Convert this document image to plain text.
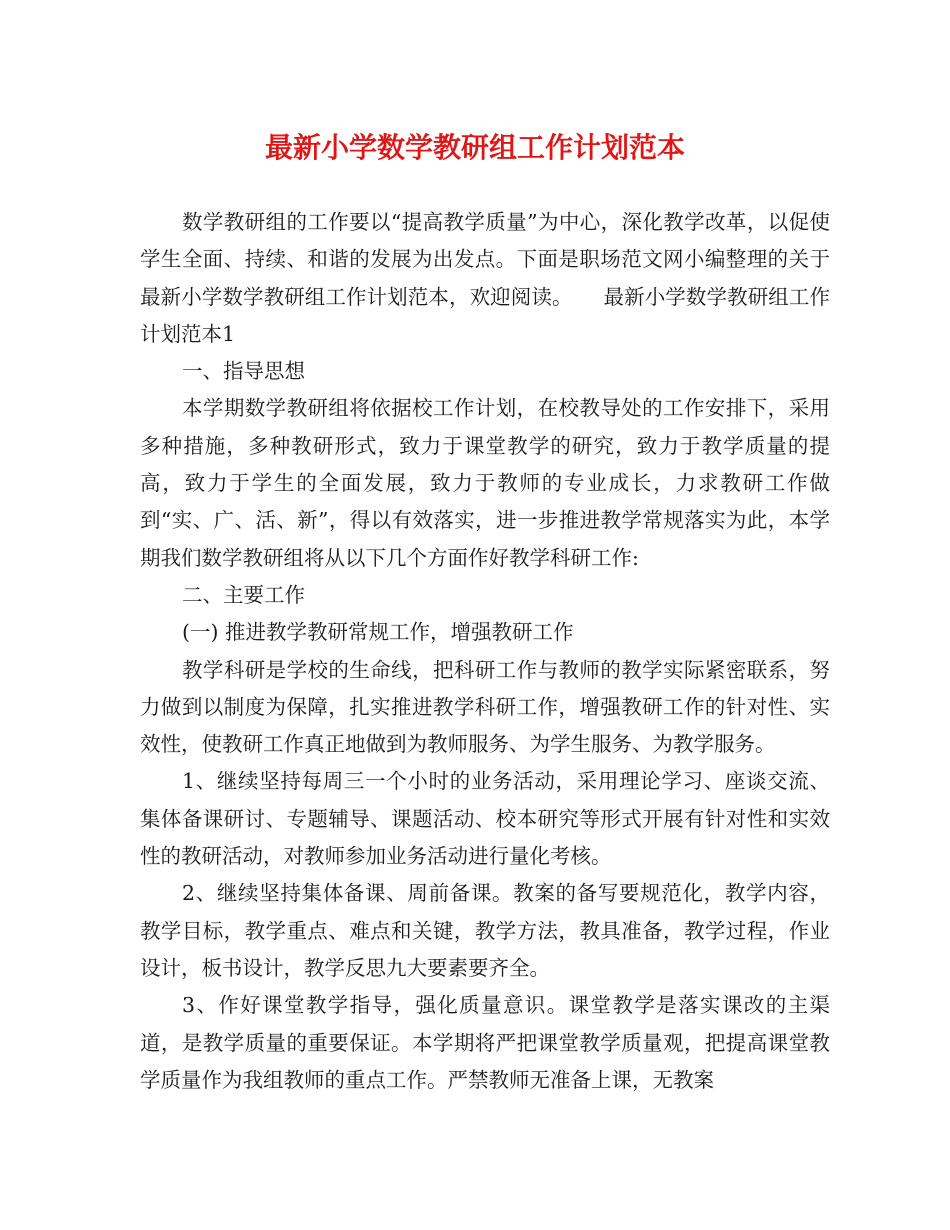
最新小学数学教研组工作计划范本

数学教研组的工作要以“提高教学质量”为中心，深化教学改革，以促使学生全面、持续、和谐的发展为出发点。下面是职场范文网小编整理的关于最新小学数学教研组工作计划范本，欢迎阅读。　　最新小学数学教研组工作计划范本1

一、指导思想

本学期数学教研组将依据校工作计划，在校教导处的工作安排下，采用多种措施，多种教研形式，致力于课堂教学的研究，致力于教学质量的提高，致力于学生的全面发展，致力于教师的专业成长，力求教研工作做到“实、广、活、新”，得以有效落实，进一步推进教学常规落实为此，本学期我们数学教研组将从以下几个方面作好教学科研工作:

二、主要工作

(一) 推进教学教研常规工作，增强教研工作

教学科研是学校的生命线，把科研工作与教师的教学实际紧密联系，努力做到以制度为保障，扎实推进教学科研工作，增强教研工作的针对性、实效性，使教研工作真正地做到为教师服务、为学生服务、为教学服务。

1、继续坚持每周三一个小时的业务活动，采用理论学习、座谈交流、集体备课研讨、专题辅导、课题活动、校本研究等形式开展有针对性和实效性的教研活动，对教师参加业务活动进行量化考核。

2、继续坚持集体备课、周前备课。教案的备写要规范化，教学内容，教学目标，教学重点、难点和关键，教学方法，教具准备，教学过程，作业设计，板书设计，教学反思九大要素要齐全。

3、作好课堂教学指导，强化质量意识。课堂教学是落实课改的主渠道，是教学质量的重要保证。本学期将严把课堂教学质量观，把提高课堂教学质量作为我组教师的重点工作。严禁教师无准备上课，无教案
